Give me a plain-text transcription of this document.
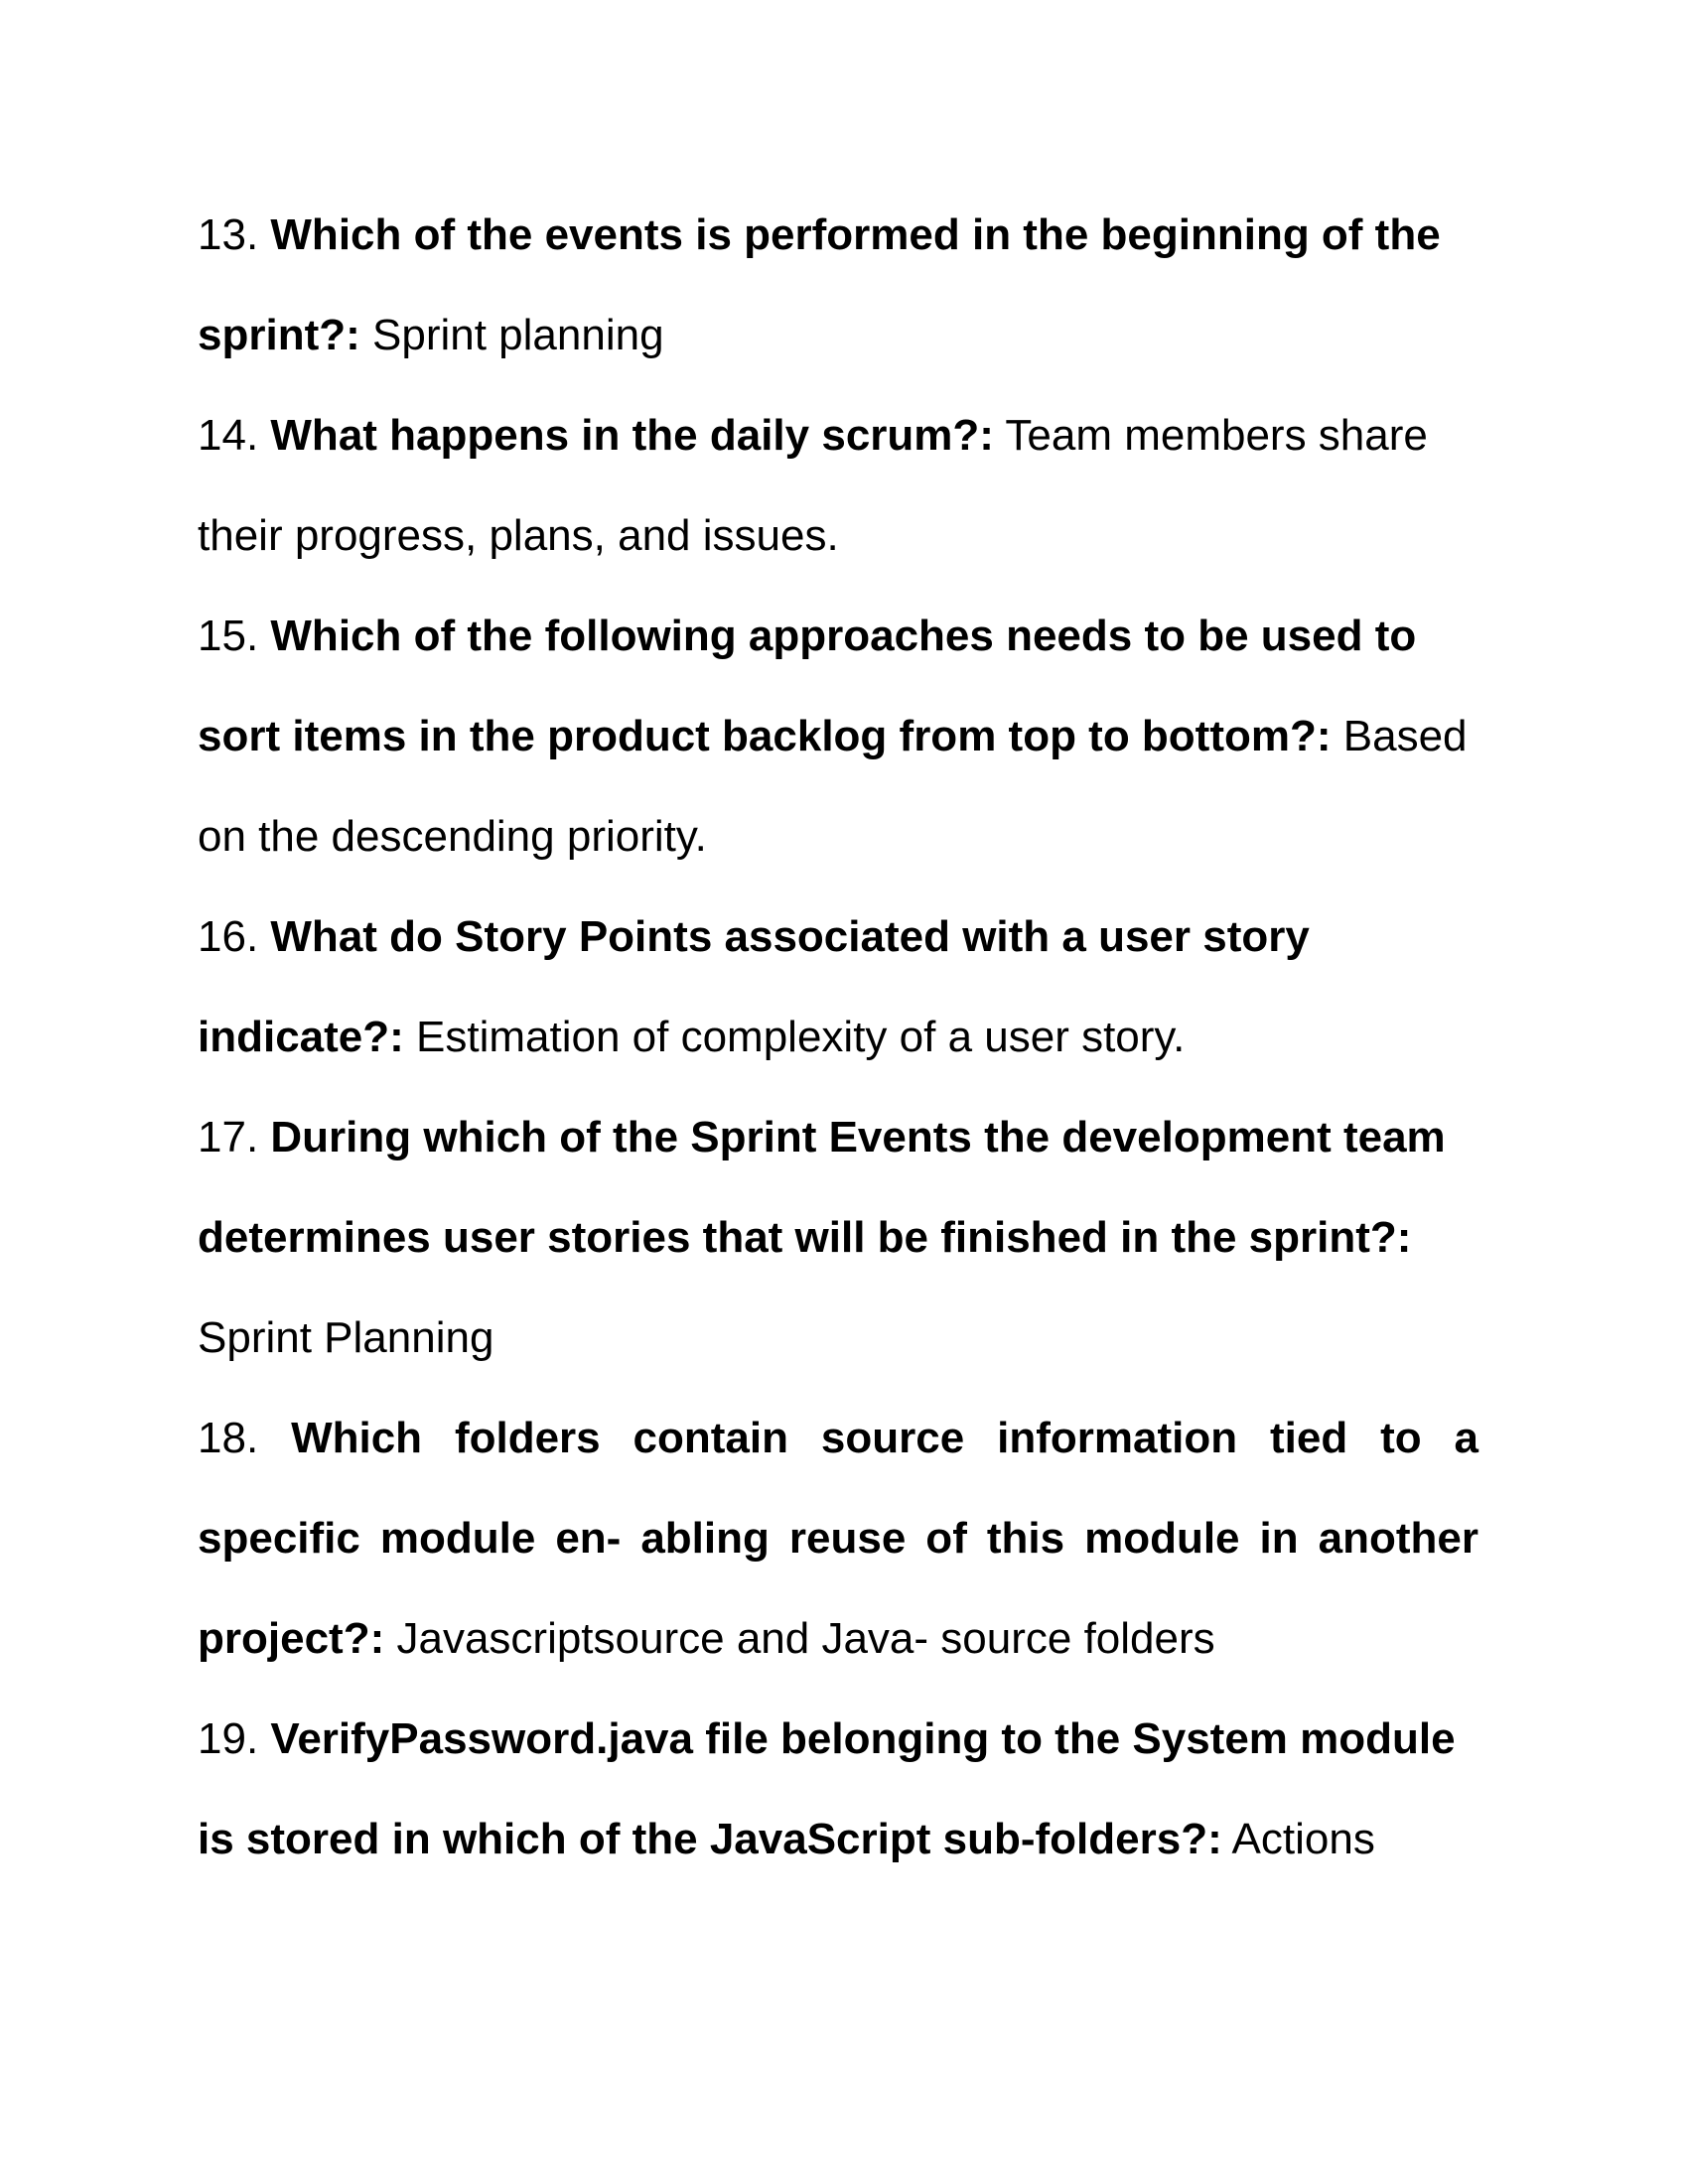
13. Which of the events is performed in the beginning of the sprint?: Sprint planning

14. What happens in the daily scrum?: Team members share their progress, plans, and issues.

15. Which of the following approaches needs to be used to sort items in the product backlog from top to bottom?: Based on the descending priority.

16. What do Story Points associated with a user story indicate?: Estimation of complexity of a user story.

17. During which of the Sprint Events the development team determines user stories that will be finished in the sprint?: Sprint Planning

18. Which folders contain source information tied to a specific module en- abling reuse of this module in another project?: Javascriptsource and Java- source folders

19. VerifyPassword.java file belonging to the System module is stored in which of the JavaScript sub-folders?: Actions
